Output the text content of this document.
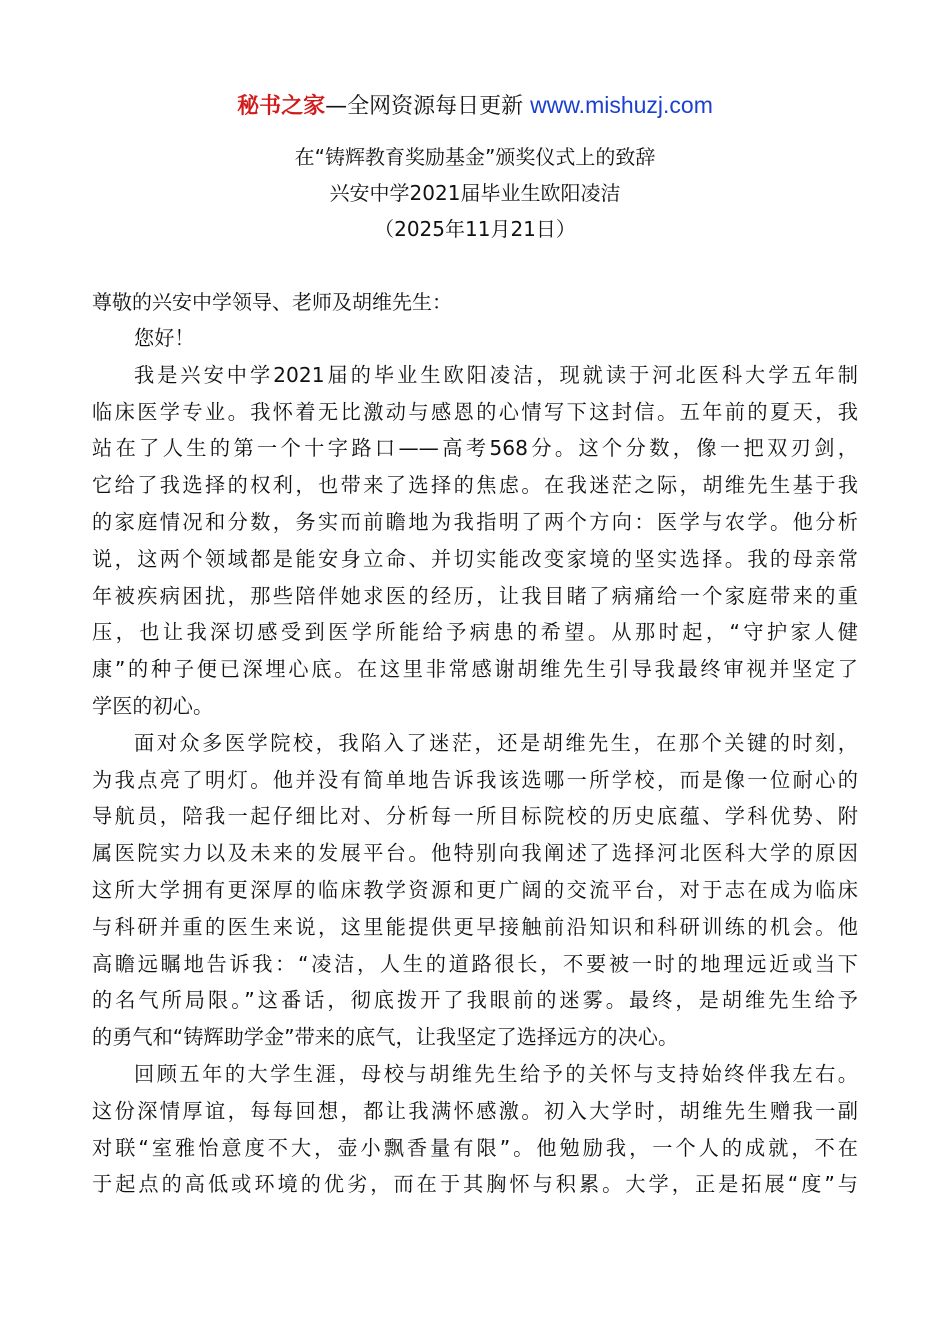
秘书之家—全网资源每日更新 www.mishuzj.com
在“铸辉教育奖励基金”颁奖仪式上的致辞
兴安中学2021届毕业生欧阳凌洁
（2025年11月21日）
尊敬的兴安中学领导、老师及胡维先生：

您好！

我是兴安中学2021届的毕业生欧阳凌洁，现就读于河北医科大学五年制
临床医学专业。我怀着无比激动与感恩的心情写下这封信。五年前的夏天，我
站在了人生的第一个十字路口——高考568分。这个分数，像一把双刃剑，
它给了我选择的权利，也带来了选择的焦虑。在我迷茫之际，胡维先生基于我
的家庭情况和分数，务实而前瞻地为我指明了两个方向：医学与农学。他分析
说，这两个领域都是能安身立命、并切实能改变家境的坚实选择。我的母亲常
年被疾病困扰，那些陪伴她求医的经历，让我目睹了病痛给一个家庭带来的重
压，也让我深切感受到医学所能给予病患的希望。从那时起，“守护家人健
康”的种子便已深埋心底。在这里非常感谢胡维先生引导我最终审视并坚定了
学医的初心。

面对众多医学院校，我陷入了迷茫，还是胡维先生，在那个关键的时刻，
为我点亮了明灯。他并没有简单地告诉我该选哪一所学校，而是像一位耐心的
导航员，陪我一起仔细比对、分析每一所目标院校的历史底蕴、学科优势、附
属医院实力以及未来的发展平台。他特别向我阐述了选择河北医科大学的原因
这所大学拥有更深厚的临床教学资源和更广阔的交流平台，对于志在成为临床
与科研并重的医生来说，这里能提供更早接触前沿知识和科研训练的机会。他
高瞻远瞩地告诉我：“凌洁，人生的道路很长，不要被一时的地理远近或当下
的名气所局限。”这番话，彻底拨开了我眼前的迷雾。最终，是胡维先生给予
的勇气和“铸辉助学金”带来的底气，让我坚定了选择远方的决心。

回顾五年的大学生涯，母校与胡维先生给予的关怀与支持始终伴我左右。
这份深情厚谊，每每回想，都让我满怀感激。初入大学时，胡维先生赠我一副
对联“室雅怡意度不大，壶小飘香量有限”。他勉励我，一个人的成就，不在
于起点的高低或环境的优劣，而在于其胸怀与积累。大学，正是拓展“度”与
